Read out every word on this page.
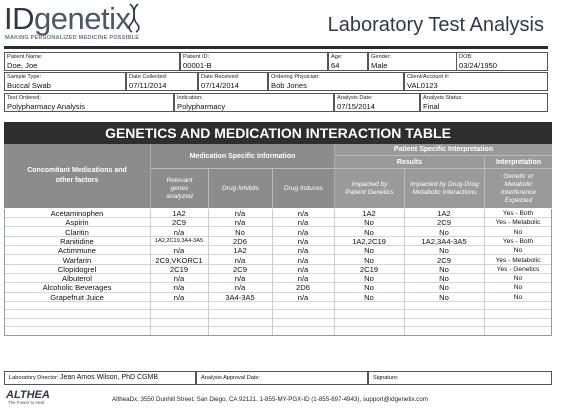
IDgenetix
MAKING PERSONALIZED MEDICINE POSSIBLE
Laboratory Test Analysis
Patient Name:
Doe, Joe
Patient ID:
00001-B
Age:
64
Gender:
Male
DOB:
03/24/1950
Sample Type:
Buccal Swab
Date Collected:
07/11/2014
Date Received:
07/14/2014
Ordering Physician:
Bob Jones
Client/Account #:
VAL0123
Test Ordered:
Polypharmacy Analysis
Indication:
Polypharmacy
Analysis Date:
07/15/2014
Analysis Status:
Final
GENETICS AND MEDICATION INTERACTION TABLE
Concomitant Medications and other factors
Medication Specific Information
Patient Specific Interpretation
Results	Interpretation
Relevant genes analyzed
Drug Inhibits	Drug Induces
Impacted by Patient Genetics
Impacted by Drug-Drug Metabolic Interactions
Genetic or Metabolic Interference Expected
Acetaminophen	1A2	n/a	n/a	1A2	1A2	Yes - Both
Aspirin	2C9	n/a	n/a	No	2C9	Yes - Metabolic
Claritin	n/a	No	n/a	No	No	No
Ranitidine	1A2,2C19,3A4-3A5	2D6	n/a	1A2,2C19	1A2,3A4-3A5	Yes - Both
Actimmune	n/a	1A2	n/a	No	No	No
Warfarin	2C9,VKORC1	n/a	n/a	No	2C9	Yes - Metabolic
Clopidogrel	2C19	2C9	n/a	2C19	No	Yes - Genetics
Albuterol	n/a	n/a	n/a	No	No	No
Alcoholic Beverages	n/a	n/a	2D6	No	No	No
Grapefruit Juice	n/a	3A4-3A5	n/a	No	No	No
Laboratory Director: Jean Amos Wilson, PhD CGMB	Analysis Approval Date:	Signature:
ALTHEA
The Power to Heal	AltheaDx, 3550 Dunhill Street, San Diego, CA 92121, 1-855-MY-PGX-ID (1-855-697-4943), support@idgenetix.com
